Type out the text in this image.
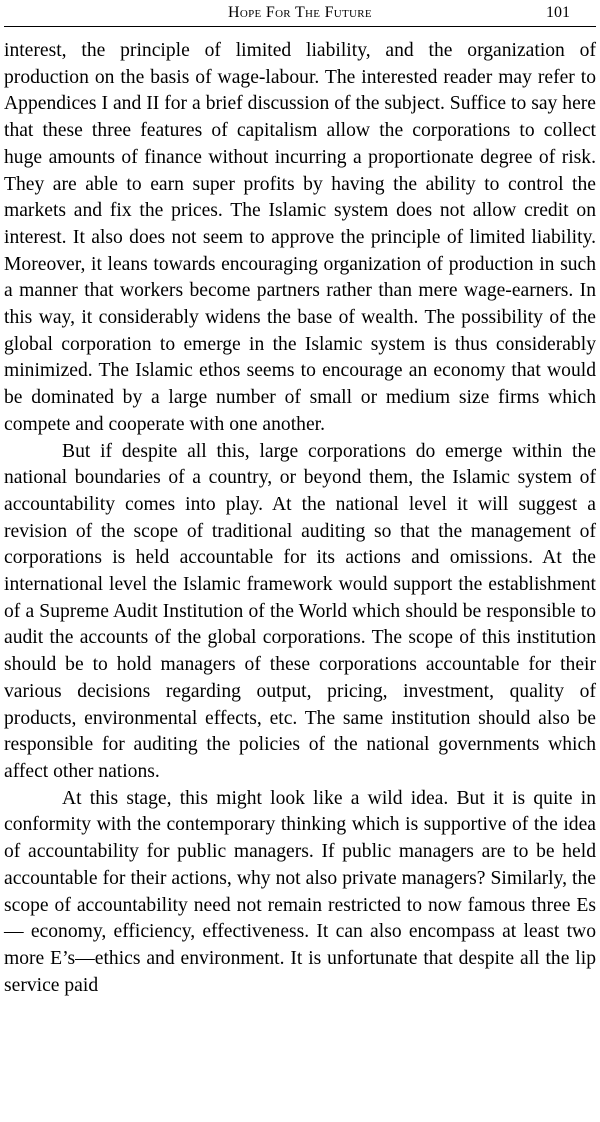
Hope For The Future	101

interest, the principle of limited liability, and the organization of production on the basis of wage-labour. The interested reader may refer to Appendices I and II for a brief discussion of the subject. Suffice to say here that these three features of capitalism allow the corporations to collect huge amounts of finance without incurring a proportionate degree of risk. They are able to earn super profits by having the ability to control the markets and fix the prices. The Islamic system does not allow credit on interest. It also does not seem to approve the principle of limited liability. Moreover, it leans towards encouraging organization of production in such a manner that workers become partners rather than mere wage-earners. In this way, it considerably widens the base of wealth. The possibility of the global corporation to emerge in the Islamic system is thus considerably minimized. The Islamic ethos seems to encourage an economy that would be dominated by a large number of small or medium size firms which compete and cooperate with one another.

But if despite all this, large corporations do emerge within the national boundaries of a country, or beyond them, the Islamic system of accountability comes into play. At the national level it will suggest a revision of the scope of traditional auditing so that the management of corporations is held accountable for its actions and omissions. At the international level the Islamic framework would support the establishment of a Supreme Audit Institution of the World which should be responsible to audit the accounts of the global corporations. The scope of this institution should be to hold managers of these corporations accountable for their various decisions regarding output, pricing, investment, quality of products, environmental effects, etc. The same institution should also be responsible for auditing the policies of the national governments which affect other nations.

At this stage, this might look like a wild idea. But it is quite in conformity with the contemporary thinking which is supportive of the idea of accountability for public managers. If public managers are to be held accountable for their actions, why not also private managers? Similarly, the scope of accountability need not remain restricted to now famous three Es — economy, efficiency, effectiveness. It can also encompass at least two more E’s—ethics and environment. It is unfortunate that despite all the lip service paid
